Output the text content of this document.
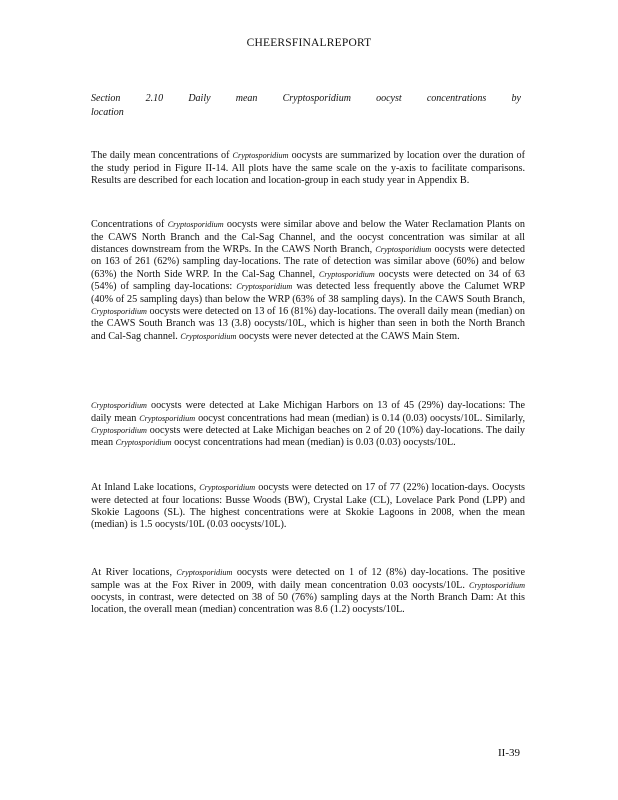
CHEERSFINALREPORT
Section	2.10	Daily	mean	Cryptosporidium	oocyst	concentrations	by
location

The daily mean concentrations of Cryptosporidium oocysts are summarized by location over the duration of the study period in Figure II-14. All plots have the same scale on the y-axis to facilitate comparisons. Results are described for each location and location-group in each study year in Appendix B.

Concentrations of Cryptosporidium oocysts were similar above and below the Water Reclamation Plants on the CAWS North Branch and the Cal-Sag Channel, and the oocyst concentration was similar at all distances downstream from the WRPs. In the CAWS North Branch, Cryptosporidium oocysts were detected on 163 of 261 (62%) sampling day-locations. The rate of detection was similar above (60%) and below (63%) the North Side WRP. In the Cal-Sag Channel, Cryptosporidium oocysts were detected on 34 of 63 (54%) of sampling day-locations: Cryptosporidium was detected less frequently above the Calumet WRP (40% of 25 sampling days) than below the WRP (63% of 38 sampling days). In the CAWS South Branch, Cryptosporidium oocysts were detected on 13 of 16 (81%) day-locations. The overall daily mean (median) on the CAWS South Branch was 13 (3.8) oocysts/10L, which is higher than seen in both the North Branch and Cal-Sag channel. Cryptosporidium oocysts were never detected at the CAWS Main Stem.

Cryptosporidium oocysts were detected at Lake Michigan Harbors on 13 of 45 (29%) day-locations: The daily mean Cryptosporidium oocyst concentrations had mean (median) is 0.14 (0.03) oocysts/10L. Similarly, Cryptosporidium oocysts were detected at Lake Michigan beaches on 2 of 20 (10%) day-locations. The daily mean Cryptosporidium oocyst concentrations had mean (median) is 0.03 (0.03) oocysts/10L.

At Inland Lake locations, Cryptosporidium oocysts were detected on 17 of 77 (22%) location-days. Oocysts were detected at four locations: Busse Woods (BW), Crystal Lake (CL), Lovelace Park Pond (LPP) and Skokie Lagoons (SL). The highest concentrations were at Skokie Lagoons in 2008, when the mean (median) is 1.5 oocysts/10L (0.03 oocysts/10L).

At River locations, Cryptosporidium oocysts were detected on 1 of 12 (8%) day-locations. The positive sample was at the Fox River in 2009, with daily mean concentration 0.03 oocysts/10L. Cryptosporidium oocysts, in contrast, were detected on 38 of 50 (76%) sampling days at the North Branch Dam: At this location, the overall mean (median) concentration was 8.6 (1.2) oocysts/10L.

II-39
